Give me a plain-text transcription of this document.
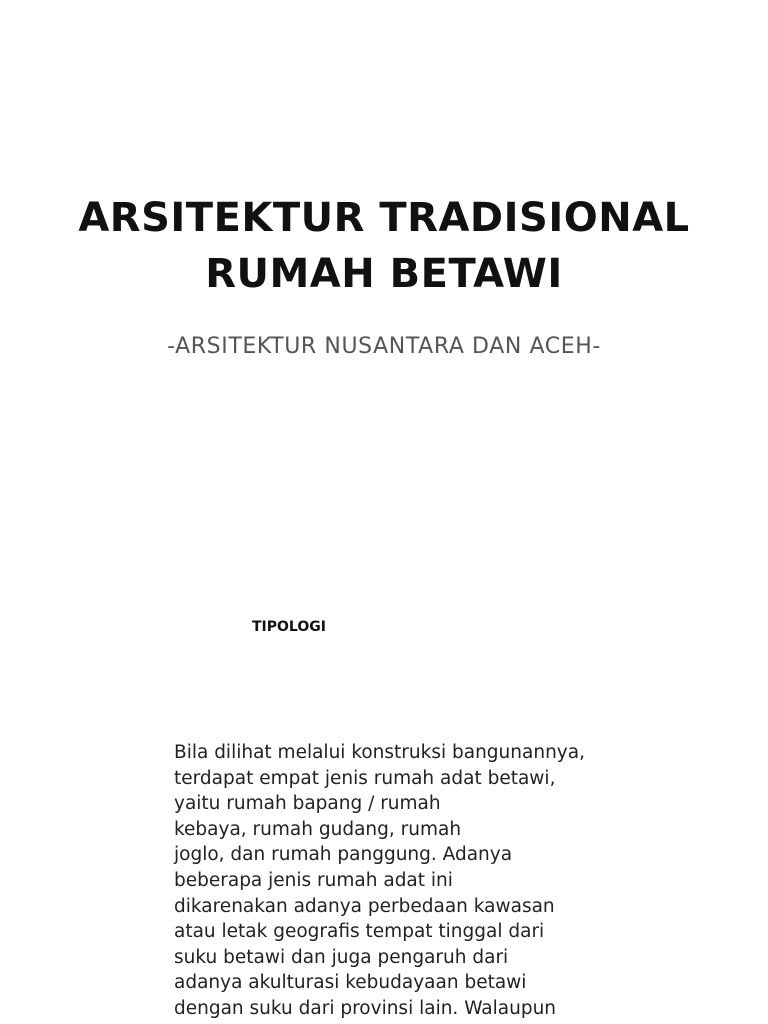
ARSITEKTUR TRADISIONAL
RUMAH BETAWI

-ARSITEKTUR NUSANTARA DAN ACEH-

TIPOLOGI

Bila dilihat melalui konstruksi bangunannya,
terdapat empat jenis rumah adat betawi,
yaitu rumah bapang / rumah
kebaya, rumah gudang, rumah
joglo, dan rumah panggung. Adanya
beberapa jenis rumah adat ini
dikarenakan adanya perbedaan kawasan
atau letak geografis tempat tinggal dari
suku betawi dan juga pengaruh dari
adanya akulturasi kebudayaan betawi
dengan suku dari provinsi lain. Walaupun
